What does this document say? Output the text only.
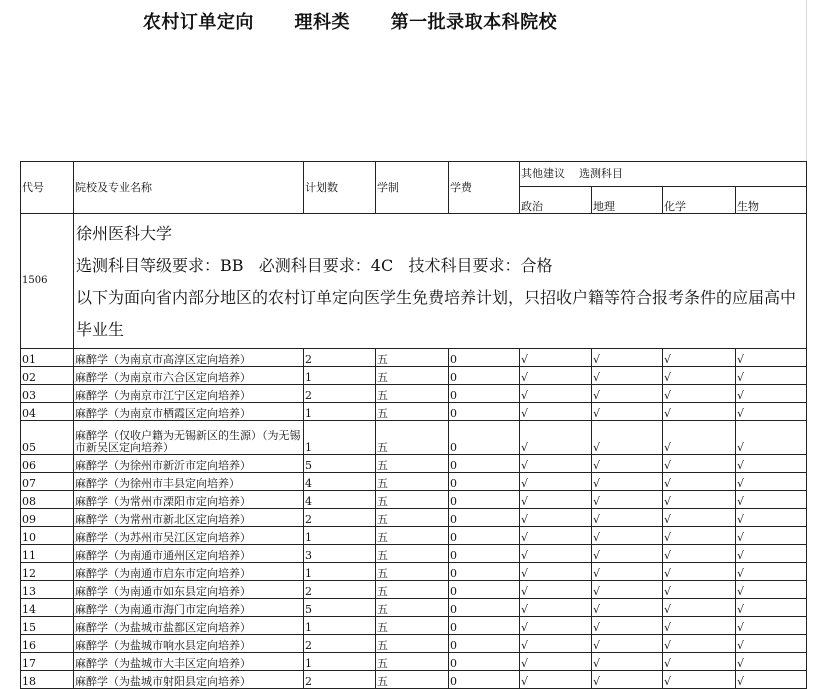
农村订单定向      理科类      第一批录取本科院校
代号	院校及专业名称	计划数	学制	学费	其他建议    选测科目			
					政治	地理	化学	生物
1506	徐州医科大学
选测科目等级要求：BB   必测科目要求：4C   技术科目要求：合格
以下为面向省内部分地区的农村订单定向医学生免费培养计划，只招收户籍等符合报考条件的应届高中毕业生							

01	麻醉学（为南京市高淳区定向培养）	2	五	0	√	√	√	√
02	麻醉学（为南京市六合区定向培养）	1	五	0	√	√	√	√
03	麻醉学（为南京市江宁区定向培养）	2	五	0	√	√	√	√
04	麻醉学（为南京市栖霞区定向培养）	1	五	0	√	√	√	√
05	麻醉学（仅收户籍为无锡新区的生源）（为无锡市新吴区定向培养）	1	五	0	√	√	√	√
06	麻醉学（为徐州市新沂市定向培养）	5	五	0	√	√	√	√
07	麻醉学（为徐州市丰县定向培养）	4	五	0	√	√	√	√
08	麻醉学（为常州市溧阳市定向培养）	4	五	0	√	√	√	√
09	麻醉学（为常州市新北区定向培养）	2	五	0	√	√	√	√
10	麻醉学（为苏州市吴江区定向培养）	1	五	0	√	√	√	√
11	麻醉学（为南通市通州区定向培养）	3	五	0	√	√	√	√
12	麻醉学（为南通市启东市定向培养）	1	五	0	√	√	√	√
13	麻醉学（为南通市如东县定向培养）	2	五	0	√	√	√	√
14	麻醉学（为南通市海门市定向培养）	5	五	0	√	√	√	√
15	麻醉学（为盐城市盐都区定向培养）	1	五	0	√	√	√	√
16	麻醉学（为盐城市响水县定向培养）	2	五	0	√	√	√	√
17	麻醉学（为盐城市大丰区定向培养）	1	五	0	√	√	√	√
18	麻醉学（为盐城市射阳县定向培养）	2	五	0	√	√	√	√
